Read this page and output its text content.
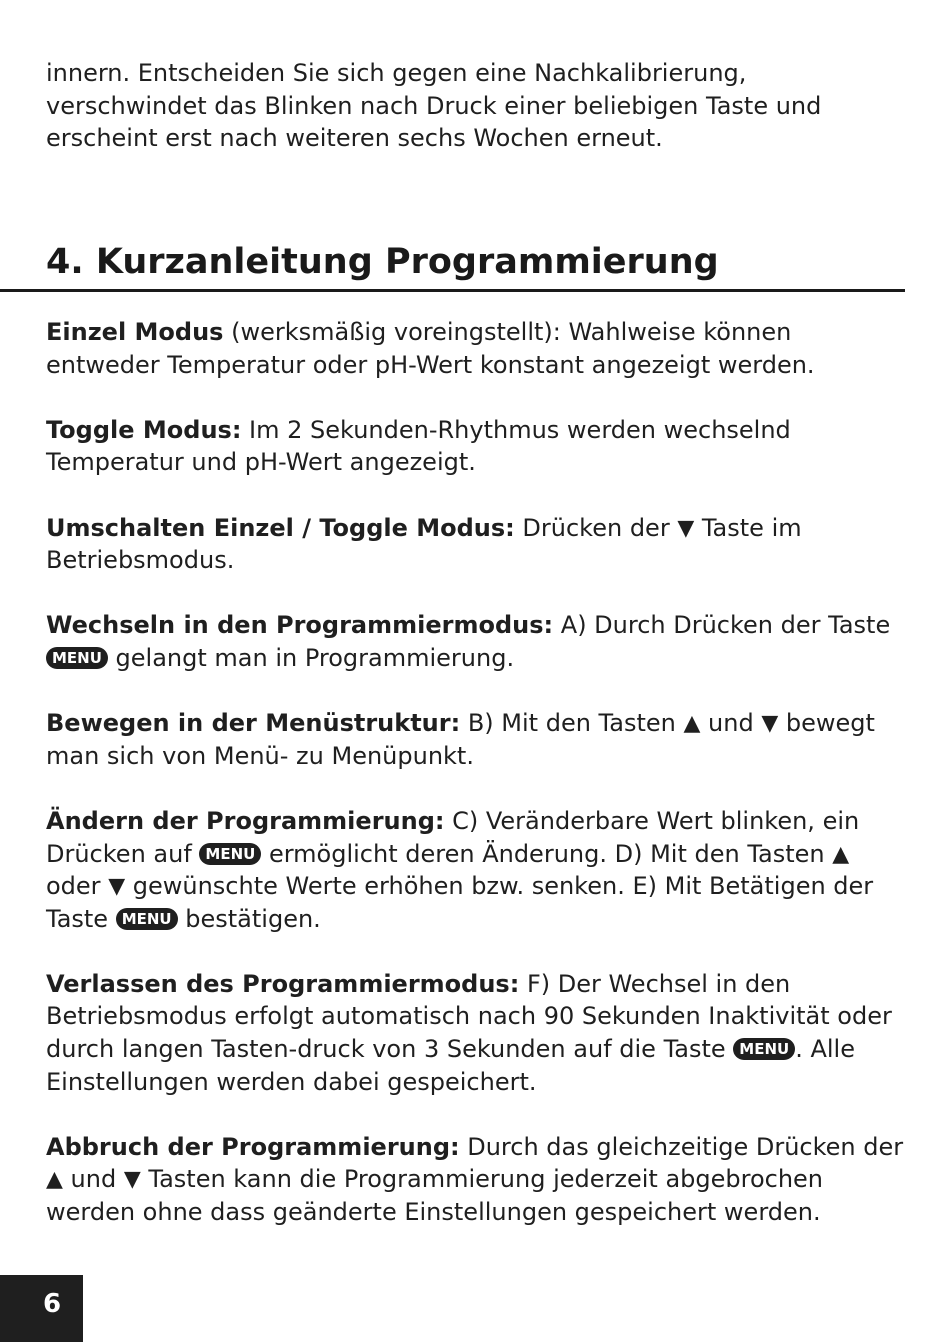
innern. Entscheiden Sie sich gegen eine Nachkalibrierung, verschwindet das Blinken nach Druck einer beliebigen Taste und erscheint erst nach weiteren sechs Wochen erneut.

4. Kurzanleitung Programmierung

Einzel Modus (werksmäßig voreingstellt): Wahlweise können entweder Temperatur oder pH-Wert konstant angezeigt werden.

Toggle Modus: Im 2 Sekunden-Rhythmus werden wechselnd Temperatur und pH-Wert angezeigt.

Umschalten Einzel / Toggle Modus: Drücken der ▼ Taste im Betriebsmodus.

Wechseln in den Programmiermodus: A) Durch Drücken der Taste MENU gelangt man in Programmierung.

Bewegen in der Menüstruktur: B) Mit den Tasten ▲ und ▼ bewegt man sich von Menü- zu Menüpunkt.

Ändern der Programmierung: C) Veränderbare Wert blinken, ein Drücken auf MENU ermöglicht deren Änderung. D) Mit den Tasten ▲ oder ▼ gewünschte Werte erhöhen bzw. senken. E) Mit Betätigen der Taste MENU bestätigen.

Verlassen des Programmiermodus: F) Der Wechsel in den Betriebsmodus erfolgt automatisch nach 90 Sekunden Inaktivität oder durch langen Tasten-druck von 3 Sekunden auf die Taste MENU . Alle Einstellungen werden dabei gespeichert.

Abbruch der Programmierung: Durch das gleichzeitige Drücken der ▲ und ▼ Tasten kann die Programmierung jederzeit abgebrochen werden ohne dass geänderte Einstellungen gespeichert werden.

6
